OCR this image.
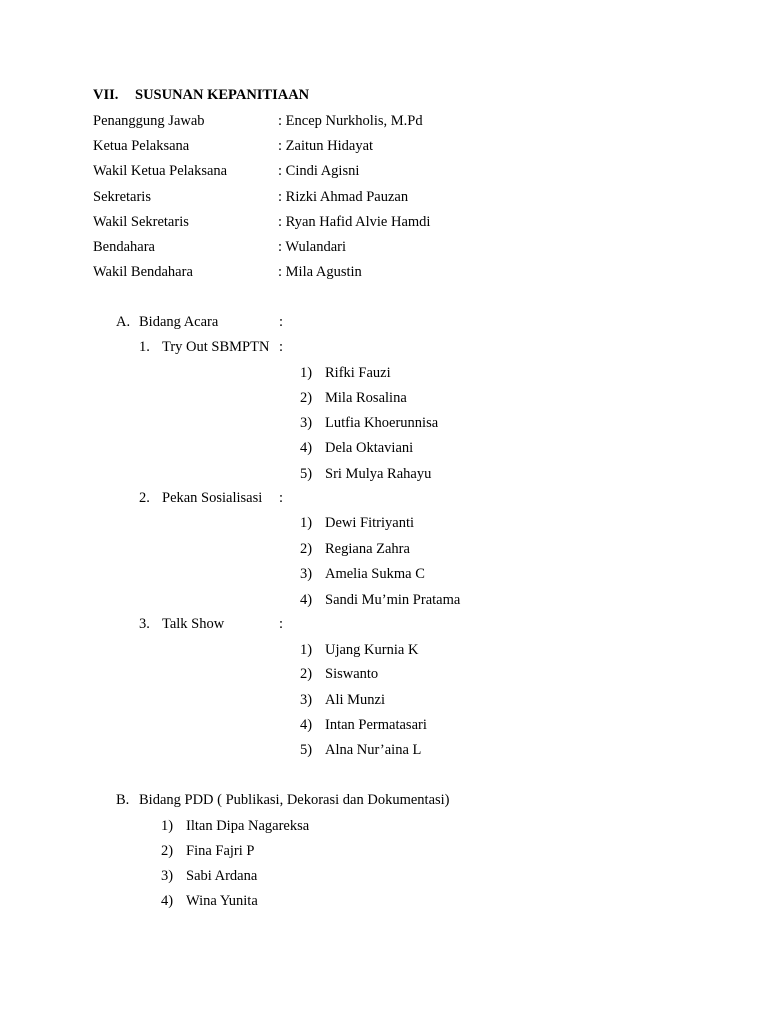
VII. SUSUNAN KEPANITIAAN
Penanggung Jawab	: Encep Nurkholis, M.Pd
Ketua Pelaksana	: Zaitun Hidayat
Wakil Ketua Pelaksana	: Cindi Agisni
Sekretaris	: Rizki Ahmad Pauzan
Wakil Sekretaris	: Ryan Hafid Alvie Hamdi
Bendahara	: Wulandari
Wakil Bendahara	: Mila Agustin
A. Bidang Acara	:
1. Try Out SBMPTN :
1) Rifki Fauzi
2) Mila Rosalina
3) Lutfia Khoerunnisa
4) Dela Oktaviani
5) Sri Mulya Rahayu
2. Pekan Sosialisasi :
1) Dewi Fitriyanti
2) Regiana Zahra
3) Amelia Sukma C
4) Sandi Mu’min Pratama
3. Talk Show	:
1) Ujang Kurnia K
2) Siswanto
3) Ali Munzi
4) Intan Permatasari
5) Alna Nur’aina L
B. Bidang PDD ( Publikasi, Dekorasi dan Dokumentasi)
1) Iltan Dipa Nagareksa
2) Fina Fajri P
3) Sabi Ardana
4) Wina Yunita
